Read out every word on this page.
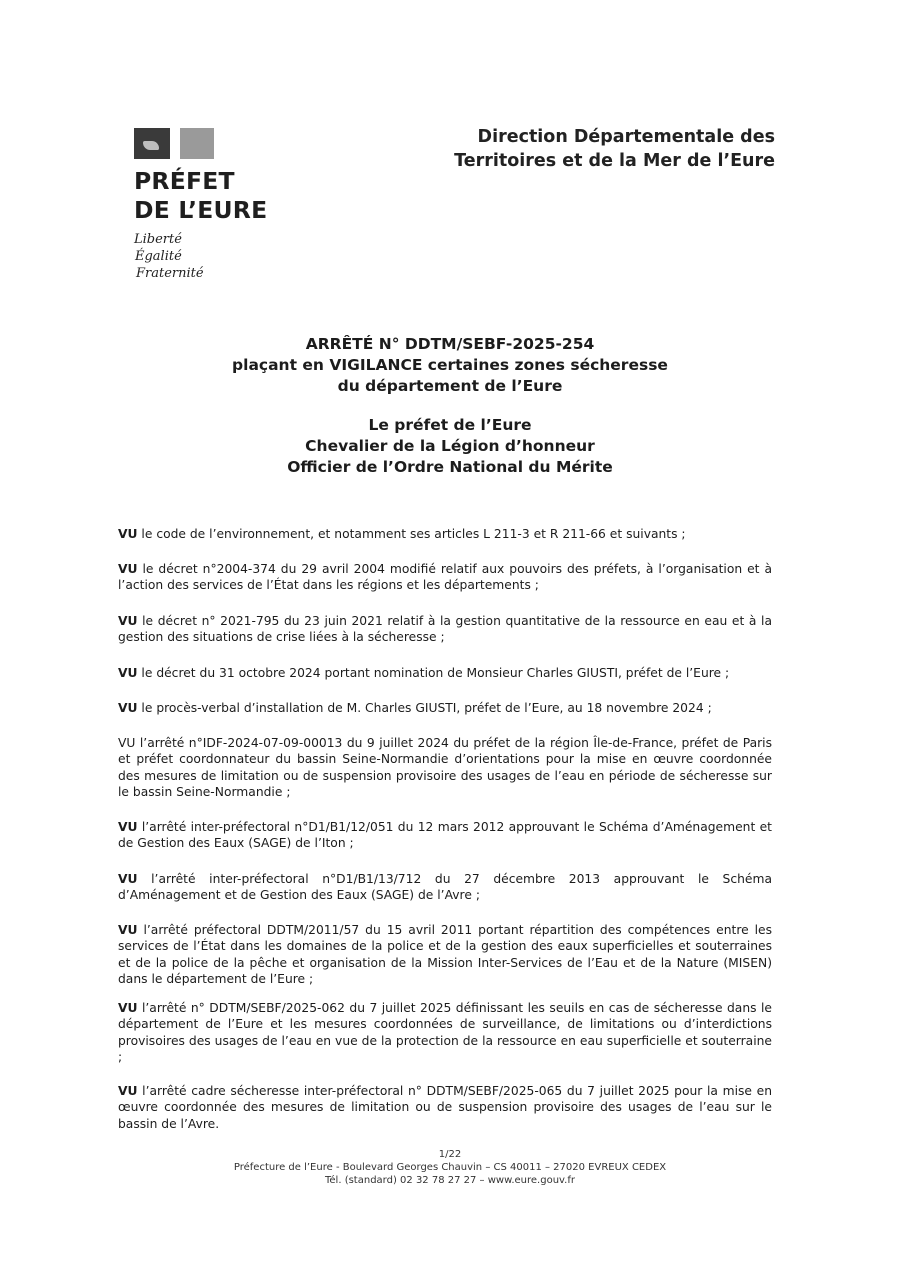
PRÉFET
DE L’EURE
Liberté
Égalité
Fraternité
Direction Départementale des
Territoires et de la Mer de l’Eure
ARRÊTÉ N° DDTM/SEBF-2025-254
plaçant en VIGILANCE certaines zones sécheresse
du département de l’Eure
Le préfet de l’Eure
Chevalier de la Légion d’honneur
Officier de l’Ordre National du Mérite

VU le code de l’environnement, et notamment ses articles L 211-3 et R 211-66 et suivants ;

VU le décret n°2004-374 du 29 avril 2004 modifié relatif aux pouvoirs des préfets, à l’organisation et à l’action des services de l’État dans les régions et les départements ;

VU le décret n° 2021-795 du 23 juin 2021 relatif à la gestion quantitative de la ressource en eau et à la gestion des situations de crise liées à la sécheresse ;

VU le décret du 31 octobre 2024 portant nomination de Monsieur Charles GIUSTI, préfet de l’Eure ;

VU le procès-verbal d’installation de M. Charles GIUSTI, préfet de l’Eure, au 18 novembre 2024 ;

VU l’arrêté n°IDF-2024-07-09-00013 du 9 juillet 2024 du préfet de la région Île-de-France, préfet de Paris et préfet coordonnateur du bassin Seine-Normandie d’orientations pour la mise en œuvre coordonnée des mesures de limitation ou de suspension provisoire des usages de l’eau en période de sécheresse sur le bassin Seine-Normandie ;

VU l’arrêté inter-préfectoral n°D1/B1/12/051 du 12 mars 2012 approuvant le Schéma d’Aménagement et de Gestion des Eaux (SAGE) de l’Iton ;

VU l’arrêté inter-préfectoral n°D1/B1/13/712 du 27 décembre 2013 approuvant le Schéma d’Aménagement et de Gestion des Eaux (SAGE) de l’Avre ;

VU l’arrêté préfectoral DDTM/2011/57 du 15 avril 2011 portant répartition des compétences entre les services de l’État dans les domaines de la police et de la gestion des eaux superficielles et souterraines et de la police de la pêche et organisation de la Mission Inter-Services de l’Eau et de la Nature (MISEN) dans le département de l’Eure ;

VU l’arrêté n° DDTM/SEBF/2025-062 du 7 juillet 2025 définissant les seuils en cas de sécheresse dans le département de l’Eure et les mesures coordonnées de surveillance, de limitations ou d’interdictions provisoires des usages de l’eau en vue de la protection de la ressource en eau superficielle et souterraine ;

VU l’arrêté cadre sécheresse inter-préfectoral n° DDTM/SEBF/2025-065 du 7 juillet 2025 pour la mise en œuvre coordonnée des mesures de limitation ou de suspension provisoire des usages de l’eau sur le bassin de l’Avre.

1/22
Préfecture de l’Eure - Boulevard Georges Chauvin – CS 40011 – 27020 EVREUX CEDEX
Tél. (standard) 02 32 78 27 27 – www.eure.gouv.fr
